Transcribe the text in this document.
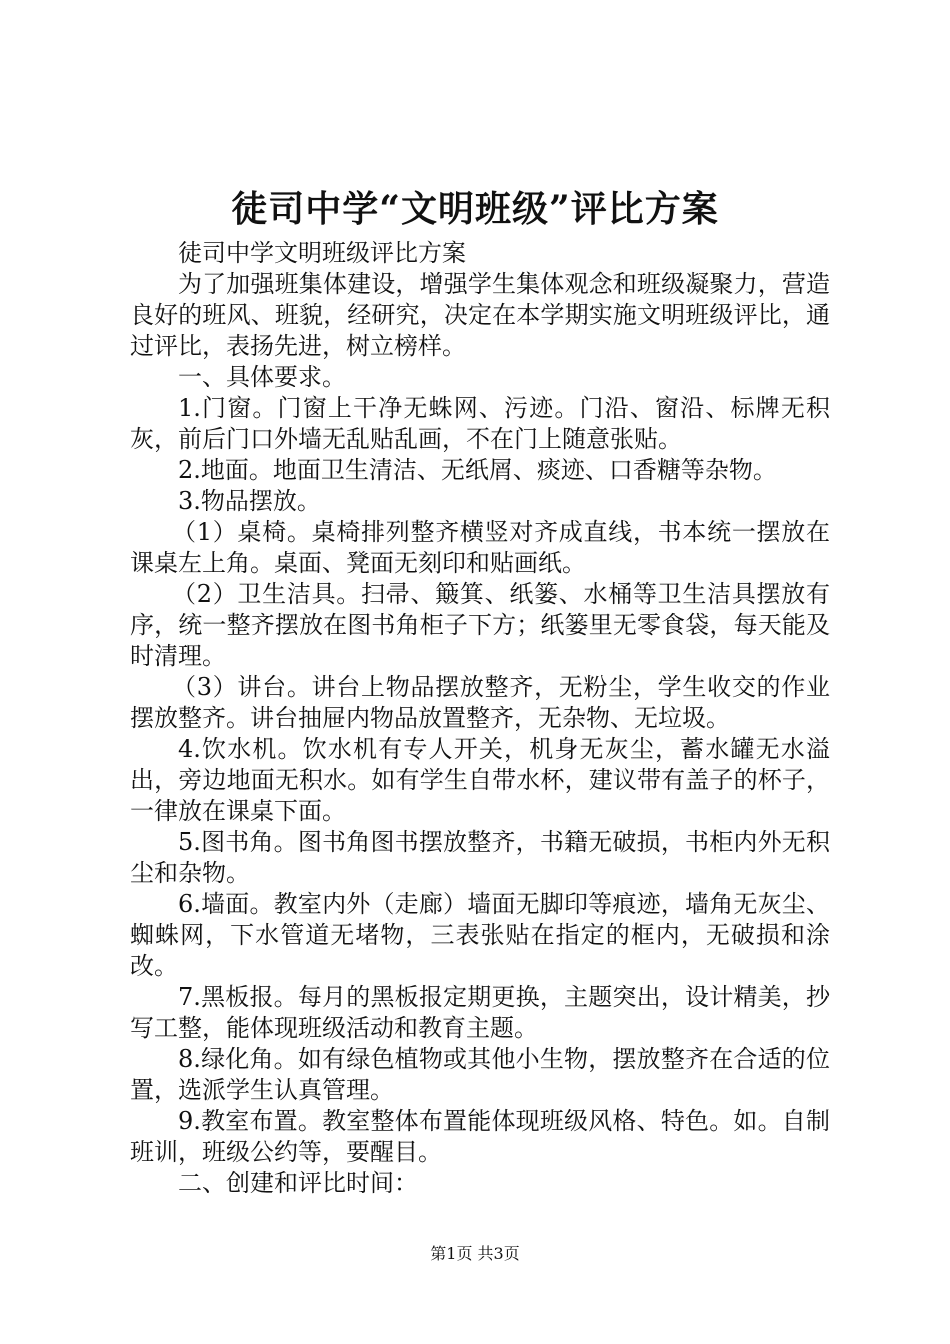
徒司中学“文明班级”评比方案

徒司中学文明班级评比方案

为了加强班集体建设，增强学生集体观念和班级凝聚力，营造良好的班风、班貌，经研究，决定在本学期实施文明班级评比，通过评比，表扬先进，树立榜样。

一、具体要求。

1.门窗。门窗上干净无蛛网、污迹。门沿、窗沿、标牌无积灰，前后门口外墙无乱贴乱画，不在门上随意张贴。

2.地面。地面卫生清洁、无纸屑、痰迹、口香糖等杂物。

3.物品摆放。

（1）桌椅。桌椅排列整齐横竖对齐成直线，书本统一摆放在课桌左上角。桌面、凳面无刻印和贴画纸。

（2）卫生洁具。扫帚、簸箕、纸篓、水桶等卫生洁具摆放有序，统一整齐摆放在图书角柜子下方；纸篓里无零食袋，每天能及时清理。

（3）讲台。讲台上物品摆放整齐，无粉尘，学生收交的作业摆放整齐。讲台抽屉内物品放置整齐，无杂物、无垃圾。

4.饮水机。饮水机有专人开关，机身无灰尘，蓄水罐无水溢出，旁边地面无积水。如有学生自带水杯，建议带有盖子的杯子，一律放在课桌下面。

5.图书角。图书角图书摆放整齐，书籍无破损，书柜内外无积尘和杂物。

6.墙面。教室内外（走廊）墙面无脚印等痕迹，墙角无灰尘、蜘蛛网，下水管道无堵物，三表张贴在指定的框内，无破损和涂改。

7.黑板报。每月的黑板报定期更换，主题突出，设计精美，抄写工整，能体现班级活动和教育主题。

8.绿化角。如有绿色植物或其他小生物，摆放整齐在合适的位置，选派学生认真管理。

9.教室布置。教室整体布置能体现班级风格、特色。如。自制班训，班级公约等，要醒目。

二、创建和评比时间：

第1页 共3页
